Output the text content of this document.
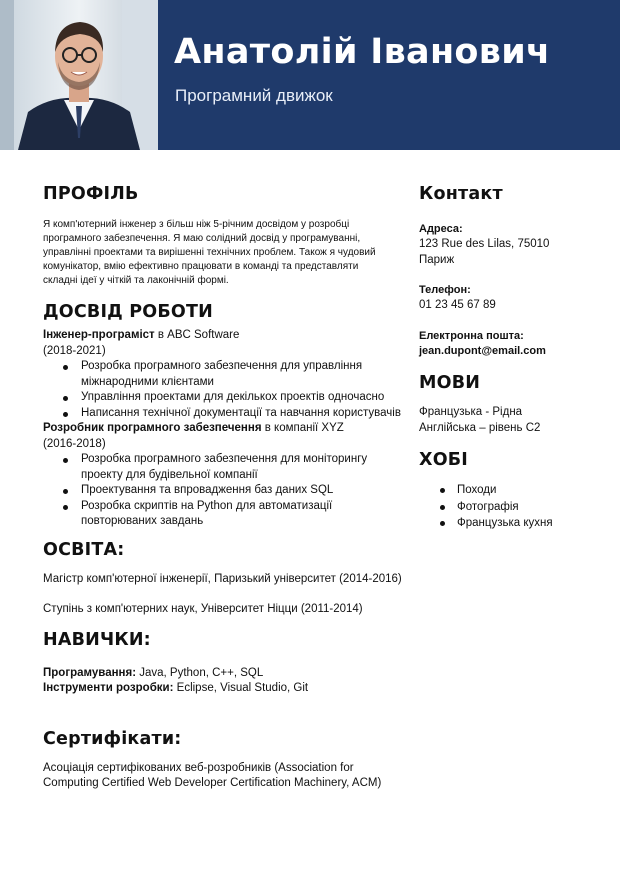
Анатолій Іванович
Програмний движок
ПРОФІЛЬ

Я комп'ютерний інженер з більш ніж 5-річним досвідом у розробці

програмного забезпечення. Я маю солідний досвід у програмуванні,

управлінні проектами та вирішенні технічних проблем. Також я чудовий

комунікатор, вмію ефективно працювати в команді та представляти

складні ідеї у чіткій та лаконічній формі.

ДОСВІД РОБОТИ

Інженер-програміст в ABC Software

(2018-2021)

Розробка програмного забезпечення для управління
міжнародними клієнтами
Управління проектами для декількох проектів одночасно
Написання технічної документації та навчання користувачів

Розробник програмного забезпечення в компанії XYZ

(2016-2018)

Розробка програмного забезпечення для моніторингу
проекту для будівельної компанії
Проектування та впровадження баз даних SQL
Розробка скриптів на Python для автоматизації
повторюваних завдань
ОСВІТА:

Магістр комп'ютерної інженерії, Паризький університет (2014-2016)

Ступінь з комп'ютерних наук, Університет Ніцци (2011-2014)

НАВИЧКИ:

Програмування: Java, Python, C++, SQL

Інструменти розробки: Eclipse, Visual Studio, Git

Сертифікати:

Асоціація сертифікованих веб-розробників (Association for

Computing Certified Web Developer Certification Machinery, ACM)

Контакт

Адреса:

123 Rue des Lilas, 75010

Париж

Телефон:

01 23 45 67 89

Електронна пошта:

jean.dupont@email.com

МОВИ

Французька - Рідна

Англійська – рівень C2

ХОБІ
Походи
Фотографія
Французька кухня
